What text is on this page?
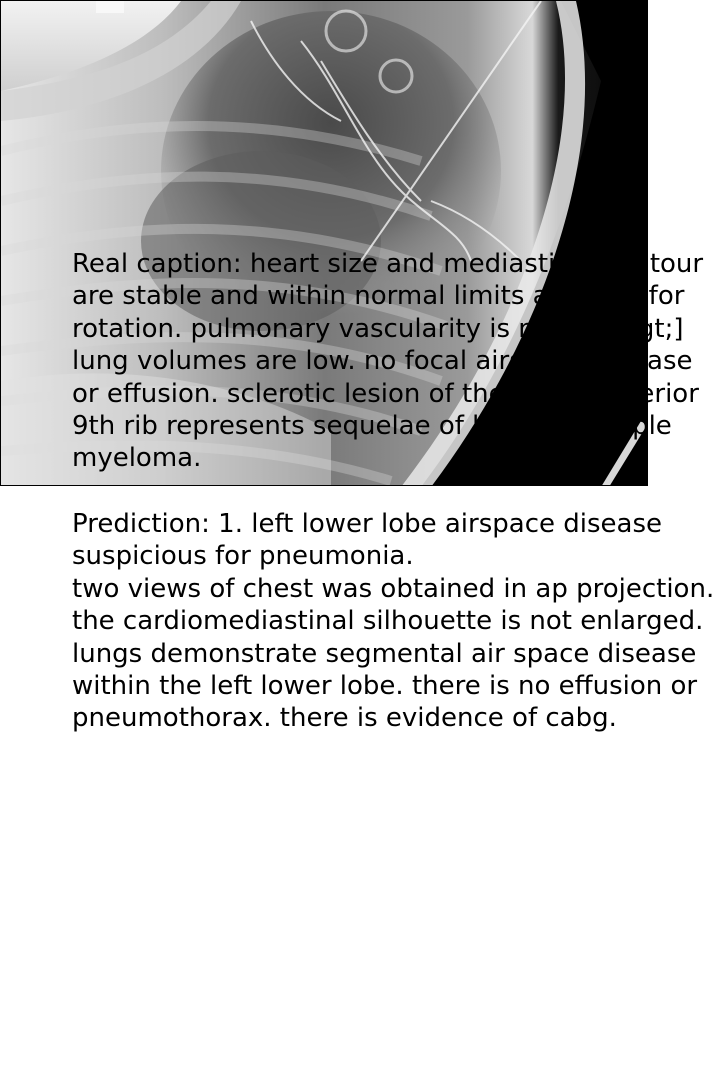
Real caption: heart size and mediastinal contour are stable and within normal limits allowing for rotation. pulmonary vascularity is normal.&gt;] lung volumes are low. no focal airspace disease or effusion. sclerotic lesion of the right posterior 9th rib represents sequelae of known multiple myeloma.

Prediction: 1. left lower lobe airspace disease suspicious for pneumonia.

two views of chest was obtained in ap projection. the cardiomediastinal silhouette is not enlarged. lungs demonstrate segmental air space disease within the left lower lobe. there is no effusion or pneumothorax. there is evidence of cabg.
